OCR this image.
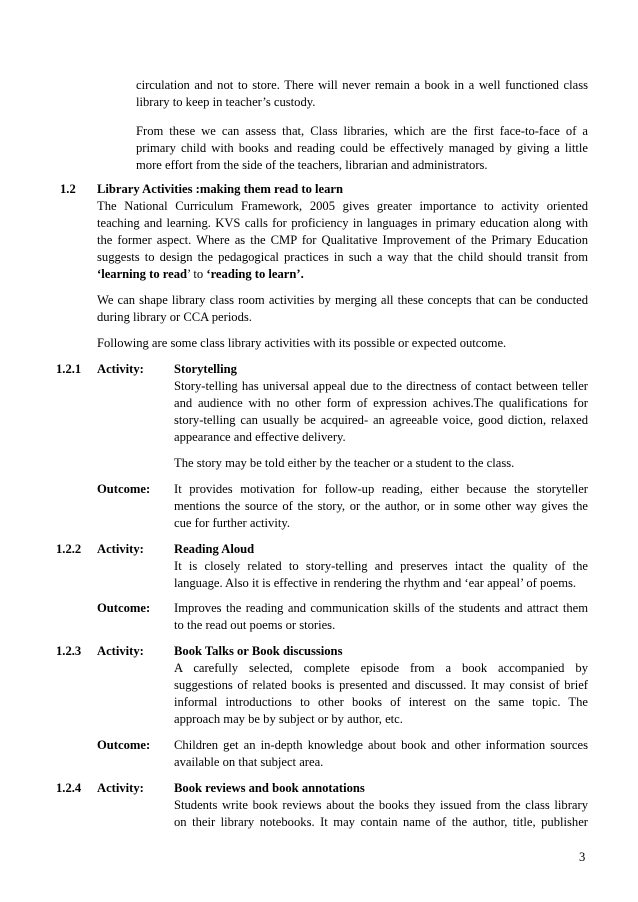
circulation and not to store. There will never remain a book in a well functioned class
library to keep in teacher’s custody.
From these we can assess that, Class libraries, which are the first face-to-face of a
primary child with books and reading could be effectively managed by giving a little
more effort from the side of the teachers, librarian and administrators.
1.2 Library Activities :making them read to learn
The National Curriculum Framework, 2005 gives greater importance to activity oriented
teaching and learning. KVS calls for proficiency in languages in primary education along with
the former aspect. Where as the CMP for Qualitative Improvement of the Primary Education
suggests to design the pedagogical practices in such a way that the child should transit from
‘learning to read’ to ‘reading to learn’.
We can shape library class room activities by merging all these concepts that can be conducted
during library or CCA periods.
Following are some class library activities with its possible or expected outcome.
1.2.1 Activity: Storytelling
Story-telling has universal appeal due to the directness of contact between teller
and audience with no other form of expression achives.The qualifications for
story-telling can usually be acquired- an agreeable voice, good diction, relaxed
appearance and effective delivery.
The story may be told either by the teacher or a student to the class.
Outcome: It provides motivation for follow-up reading, either because the storyteller
mentions the source of the story, or the author, or in some other way gives the
cue for further activity.
1.2.2 Activity: Reading Aloud
It is closely related to story-telling and preserves intact the quality of the
language. Also it is effective in rendering the rhythm and ‘ear appeal’ of poems.
Outcome: Improves the reading and communication skills of the students and attract them
to the read out poems or stories.
1.2.3 Activity: Book Talks or Book discussions
A carefully selected, complete episode from a book accompanied by
suggestions of related books is presented and discussed. It may consist of brief
informal introductions to other books of interest on the same topic. The
approach may be by subject or by author, etc.
Outcome: Children get an in-depth knowledge about book and other information sources
available on that subject area.
1.2.4 Activity: Book reviews and book annotations
Students write book reviews about the books they issued from the class library
on their library notebooks. It may contain name of the author, title, publisher
3
